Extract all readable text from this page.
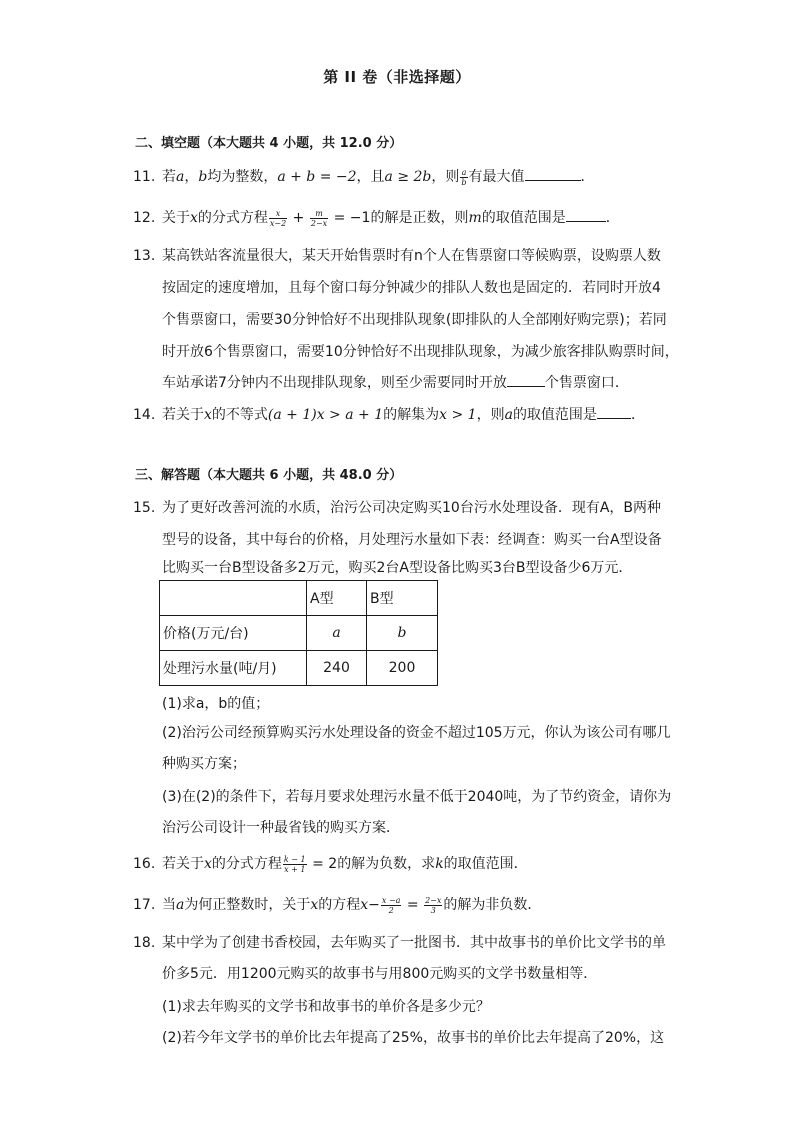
第 II 卷（非选择题）
二、填空题（本大题共 4 小题，共 12.0 分）
11. 若a，b均为整数，a + b = −2，且a ≥ 2b，则 $\frac{a}{b}$ 有最大值	．
12. 关于x的分式方程 $\frac{x}{x-2} + \frac{m}{2-x} = -1$的解是正数，则m的取值范围是	．
13. 某高铁站客流量很大，某天开始售票时有n个人在售票窗口等候购票，设购票人数
按固定的速度增加，且每个窗口每分钟减少的排队人数也是固定的．若同时开放4
个售票窗口，需要30分钟恰好不出现排队现象(即排队的人全部刚好购完票)；若同
时开放6个售票窗口，需要10分钟恰好不出现排队现象，为减少旅客排队购票时间，
车站承诺7分钟内不出现排队现象，则至少需要同时开放	个售票窗口．
14. 若关于x的不等式(a + 1)x > a + 1的解集为x > 1，则a的取值范围是 ．
三、解答题（本大题共 6 小题，共 48.0 分）
15. 为了更好改善河流的水质，治污公司决定购买10台污水处理设备．现有A，B两种
型号的设备，其中每台的价格，月处理污水量如下表：经调查：购买一台A型设备
比购买一台B型设备多2万元，购买2台A型设备比购买3台B型设备少6万元．
	A型	B型
价格(万元/台)	a	b
处理污水量(吨/月)	240	200
(1)求a，b的值；
(2)治污公司经预算购买污水处理设备的资金不超过105万元，你认为该公司有哪几
种购买方案；
(3)在(2)的条件下，若每月要求处理污水量不低于2040吨，为了节约资金，请你为
治污公司设计一种最省钱的购买方案．
16. 若关于x的分式方程 $\frac{k - 1}{x + 1} = 2$的解为负数，求k的取值范围．
17. 当a为何正整数时，关于x的方程$x- \frac{x -a}{2} = \frac{2-x}{3}$ 的解为非负数．
18. 某中学为了创建书香校园，去年购买了一批图书．其中故事书的单价比文学书的单
价多5元．用1200元购买的故事书与用800元购买的文学书数量相等．
(1)求去年购买的文学书和故事书的单价各是多少元？
(2)若今年文学书的单价比去年提高了25%，故事书的单价比去年提高了20%，这
